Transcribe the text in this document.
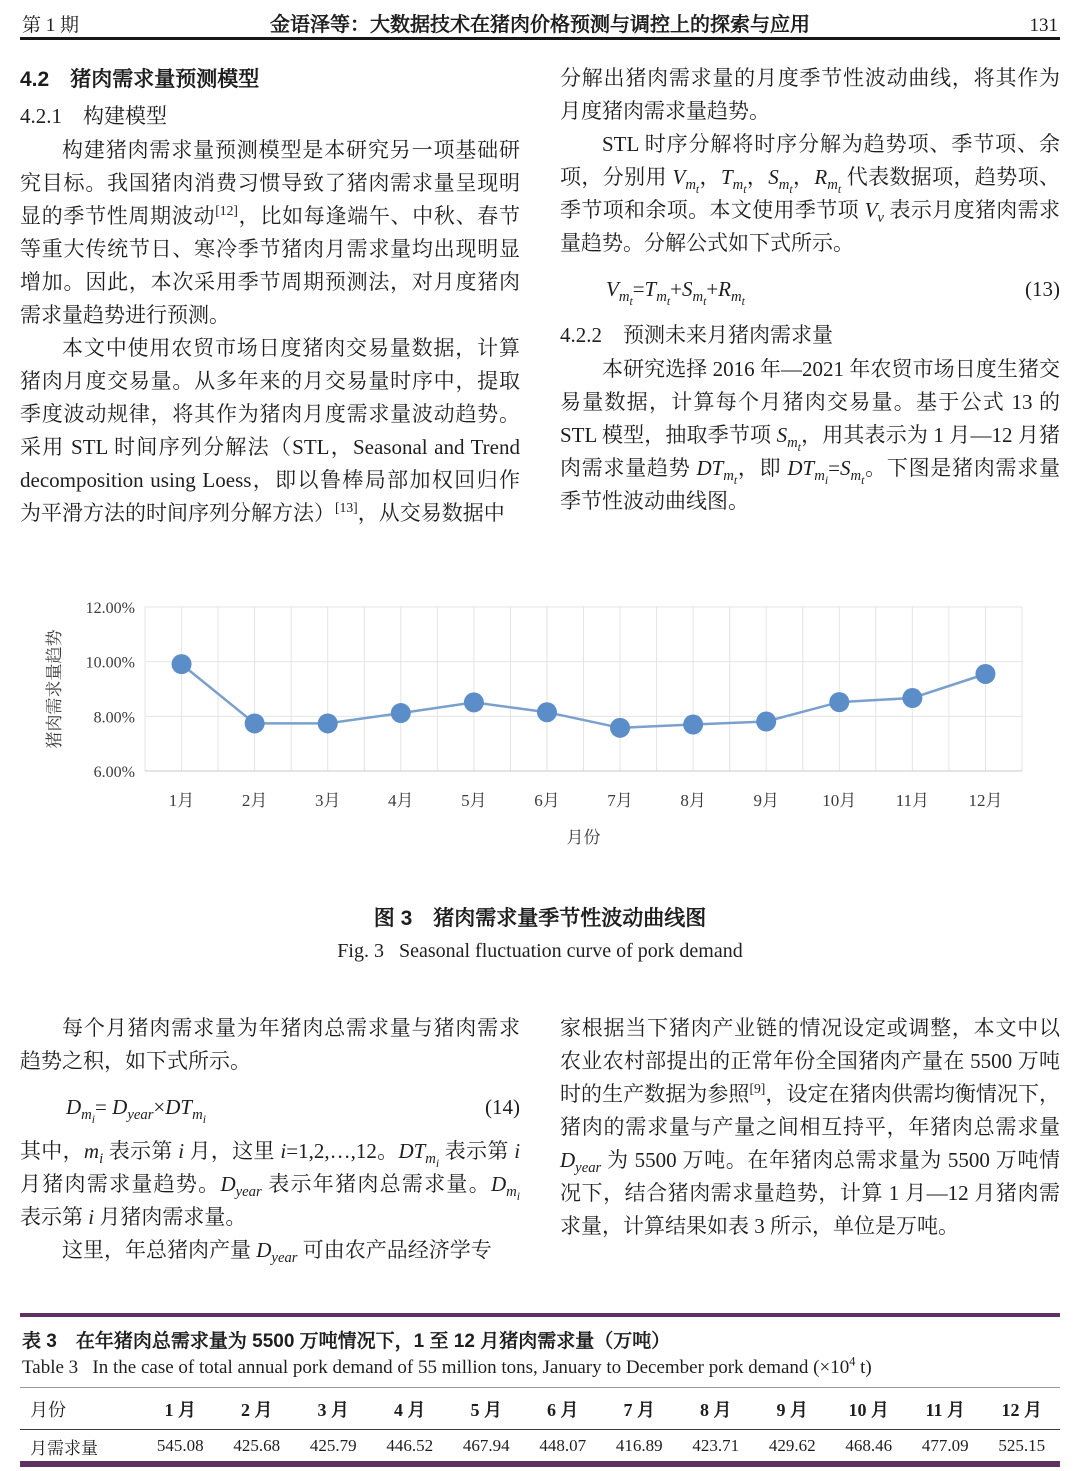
第 1 期	金语泽等：大数据技术在猪肉价格预测与调控上的探索与应用	131
4.2　猪肉需求量预测模型
4.2.1　构建模型

构建猪肉需求量预测模型是本研究另一项基础研究目标。我国猪肉消费习惯导致了猪肉需求量呈现明显的季节性周期波动[12]，比如每逢端午、中秋、春节等重大传统节日、寒冷季节猪肉月需求量均出现明显增加。因此，本次采用季节周期预测法，对月度猪肉需求量趋势进行预测。

本文中使用农贸市场日度猪肉交易量数据，计算猪肉月度交易量。从多年来的月交易量时序中，提取季度波动规律，将其作为猪肉月度需求量波动趋势。采用 STL 时间序列分解法（STL，Seasonal and Trend decomposition using Loess，即以鲁棒局部加权回归作为平滑方法的时间序列分解方法）[13]，从交易数据中

分解出猪肉需求量的月度季节性波动曲线，将其作为月度猪肉需求量趋势。

STL 时序分解将时序分解为趋势项、季节项、余项，分别用 $V_{m_t}$，$T_{m_t}$，$S_{m_t}$，$R_{m_t}$ 代表数据项，趋势项、季节项和余项。本文使用季节项 $V_v$ 表示月度猪肉需求量趋势。分解公式如下式所示。

$V_{m_t}=T_{m_t}+S_{m_t}+R_{m_t}$
(13)
4.2.2　预测未来月猪肉需求量

本研究选择 2016 年—2021 年农贸市场日度生猪交易量数据，计算每个月猪肉交易量。基于公式 13 的 STL 模型，抽取季节项 $S_{m_t}$，用其表示为 1 月—12 月猪肉需求量趋势 $DT_{m_t}$，即 $DT_{m_i}=S_{m_t}$。下图是猪肉需求量季节性波动曲线图。

6.00%
8.00%
10.00%
12.00%
1月	2月	3月	4月	5月	6月	7月	8月	9月	10月 11月 12月
猪肉需求量趋势
月份
图 3　猪肉需求量季节性波动曲线图
Fig. 3   Seasonal fluctuation curve of pork demand

每个月猪肉需求量为年猪肉总需求量与猪肉需求趋势之积，如下式所示。

$D_{m_i}= D_{year}\times DT_{m_i}$
(14)

其中，$m_i$ 表示第 i 月，这里 i=1,2,…,12。$DT_{m_i}$ 表示第 i 月猪肉需求量趋势。$D_{year}$ 表示年猪肉总需求量。$D_{m_i}$ 表示第 i 月猪肉需求量。

这里，年总猪肉产量 $D_{year}$ 可由农产品经济学专

家根据当下猪肉产业链的情况设定或调整，本文中以农业农村部提出的正常年份全国猪肉产量在 5500 万吨时的生产数据为参照[9]，设定在猪肉供需均衡情况下，猪肉的需求量与产量之间相互持平，年猪肉总需求量 $D_{year}$ 为 5500 万吨。在年猪肉总需求量为 5500 万吨情况下，结合猪肉需求量趋势，计算 1 月—12 月猪肉需求量，计算结果如表 3 所示，单位是万吨。

表 3　在年猪肉总需求量为 5500 万吨情况下，1 至 12 月猪肉需求量（万吨）
Table 3   In the case of total annual pork demand of 55 million tons, January to December pork demand ($\times 10^4$ t)
月份	1 月	2 月	3 月	4 月	5 月	6 月	7 月	8 月	9 月	10 月	11 月	12 月
月需求量	545.08	425.68	425.79	446.52	467.94	448.07	416.89	423.71	429.62	468.46	477.09	525.15
